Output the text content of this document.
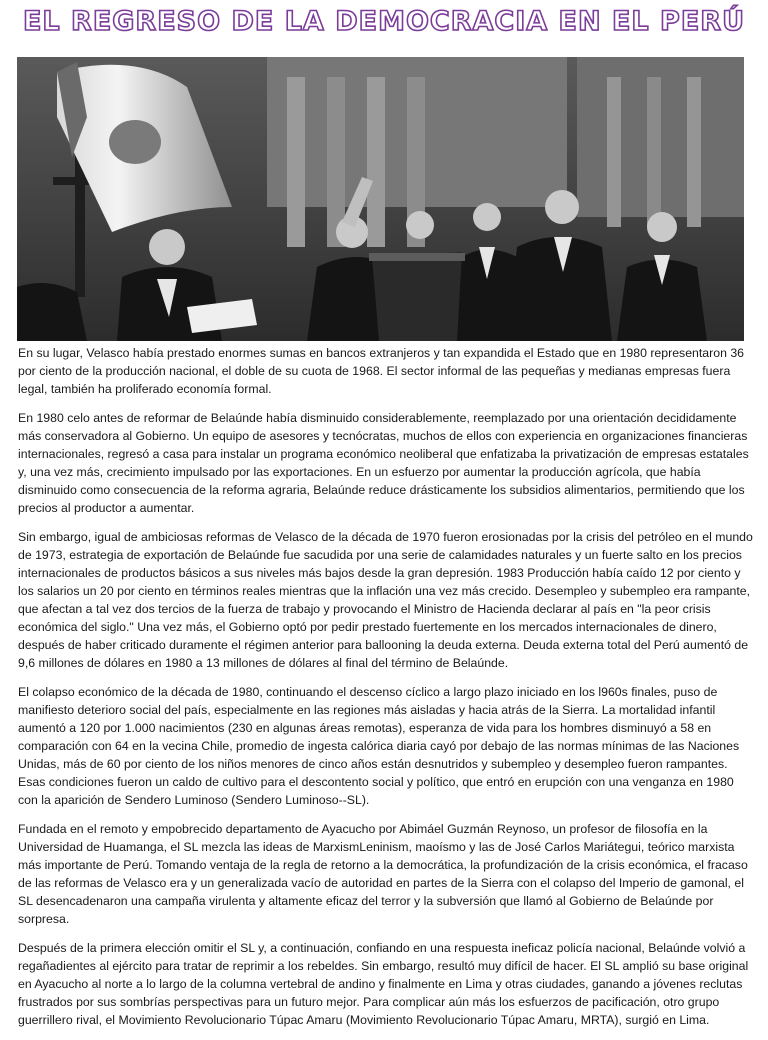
EL REGRESO DE LA DEMOCRACIA EN EL PERÚ

En su lugar, Velasco había prestado enormes sumas en bancos extranjeros y tan expandida el Estado que en 1980 representaron 36 por ciento de la producción nacional, el doble de su cuota de 1968. El sector informal de las pequeñas y medianas empresas fuera legal, también ha proliferado economía formal.

En 1980 celo antes de reformar de Belaúnde había disminuido considerablemente, reemplazado por una orientación decididamente más conservadora al Gobierno. Un equipo de asesores y tecnócratas, muchos de ellos con experiencia en organizaciones financieras internacionales, regresó a casa para instalar un programa económico neoliberal que enfatizaba la privatización de empresas estatales y, una vez más, crecimiento impulsado por las exportaciones. En un esfuerzo por aumentar la producción agrícola, que había disminuido como consecuencia de la reforma agraria, Belaúnde reduce drásticamente los subsidios alimentarios, permitiendo que los precios al productor a aumentar.

Sin embargo, igual de ambiciosas reformas de Velasco de la década de 1970 fueron erosionadas por la crisis del petróleo en el mundo de 1973, estrategia de exportación de Belaúnde fue sacudida por una serie de calamidades naturales y un fuerte salto en los precios internacionales de productos básicos a sus niveles más bajos desde la gran depresión. 1983 Producción había caído 12 por ciento y los salarios un 20 por ciento en términos reales mientras que la inflación una vez más crecido. Desempleo y subempleo era rampante, que afectan a tal vez dos tercios de la fuerza de trabajo y provocando el Ministro de Hacienda declarar al país en "la peor crisis económica del siglo." Una vez más, el Gobierno optó por pedir prestado fuertemente en los mercados internacionales de dinero, después de haber criticado duramente el régimen anterior para ballooning la deuda externa. Deuda externa total del Perú aumentó de 9,6 millones de dólares en 1980 a 13 millones de dólares al final del término de Belaúnde.

El colapso económico de la década de 1980, continuando el descenso cíclico a largo plazo iniciado en los l960s finales, puso de manifiesto deterioro social del país, especialmente en las regiones más aisladas y hacia atrás de la Sierra. La mortalidad infantil aumentó a 120 por 1.000 nacimientos (230 en algunas áreas remotas), esperanza de vida para los hombres disminuyó a 58 en comparación con 64 en la vecina Chile, promedio de ingesta calórica diaria cayó por debajo de las normas mínimas de las Naciones Unidas, más de 60 por ciento de los niños menores de cinco años están desnutridos y subempleo y desempleo fueron rampantes. Esas condiciones fueron un caldo de cultivo para el descontento social y político, que entró en erupción con una venganza en 1980 con la aparición de Sendero Luminoso (Sendero Luminoso--SL).

Fundada en el remoto y empobrecido departamento de Ayacucho por Abimáel Guzmán Reynoso, un profesor de filosofía en la Universidad de Huamanga, el SL mezcla las ideas de MarxismLeninism, maoísmo y las de José Carlos Mariátegui, teórico marxista más importante de Perú. Tomando ventaja de la regla de retorno a la democrática, la profundización de la crisis económica, el fracaso de las reformas de Velasco era y un generalizada vacío de autoridad en partes de la Sierra con el colapso del Imperio de gamonal, el SL desencadenaron una campaña virulenta y altamente eficaz del terror y la subversión que llamó al Gobierno de Belaúnde por sorpresa.

Después de la primera elección omitir el SL y, a continuación, confiando en una respuesta ineficaz policía nacional, Belaúnde volvió a regañadientes al ejército para tratar de reprimir a los rebeldes. Sin embargo, resultó muy difícil de hacer. El SL amplió su base original en Ayacucho al norte a lo largo de la columna vertebral de andino y finalmente en Lima y otras ciudades, ganando a jóvenes reclutas frustrados por sus sombrías perspectivas para un futuro mejor. Para complicar aún más los esfuerzos de pacificación, otro grupo guerrillero rival, el Movimiento Revolucionario Túpac Amaru (Movimiento Revolucionario Túpac Amaru, MRTA), surgió en Lima.
